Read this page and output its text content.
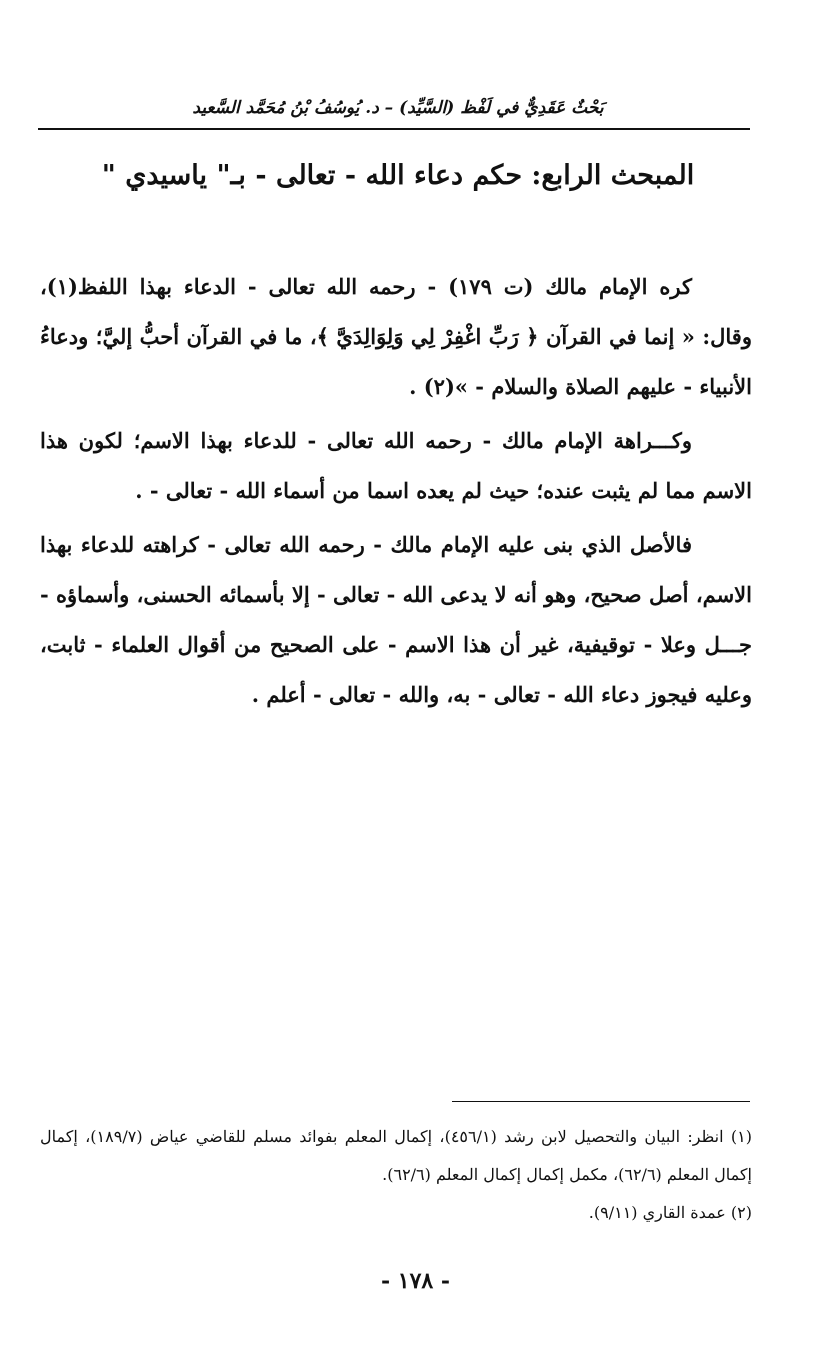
بَحْثٌ عَقَدِيٌّ في لَفْظ (السَّيِّد) – د. يُوسُفُ بْنُ مُحَمَّد السَّعيد
المبحث الرابع: حكم دعاء الله - تعالى - بـ" ياسيدي "

كره الإمام مالك (ت ١٧٩) - رحمه الله تعالى - الدعاء بهذا اللفظ(١)، وقال: « إنما في القرآن ﴿ رَبِّ اغْفِرْ لِي وَلِوَالِدَيَّ ﴾، ما في القرآن أحبُّ إليَّ؛ ودعاءُ الأنبياء - عليهم الصلاة والسلام - »(٢) .

وكـــراهة الإمام مالك - رحمه الله تعالى - للدعاء بهذا الاسم؛ لكون هذا الاسم مما لم يثبت عنده؛ حيث لم يعده اسما من أسماء الله - تعالى - .

فالأصل الذي بنى عليه الإمام مالك - رحمه الله تعالى - كراهته للدعاء بهذا الاسم، أصل صحيح، وهو أنه لا يدعى الله - تعالى - إلا بأسمائه الحسنى، وأسماؤه - جـــل وعلا - توقيفية، غير أن هذا الاسم - على الصحيح من أقوال العلماء - ثابت، وعليه فيجوز دعاء الله - تعالى - به، والله - تعالى - أعلم .

(١) انظر: البيان والتحصيل لابن رشد (٤٥٦/١)، إكمال المعلم بفوائد مسلم للقاضي عياض (١٨٩/٧)، إكمال إكمال المعلم (٦٢/٦)، مكمل إكمال إكمال المعلم (٦٢/٦).

(٢) عمدة القاري (٩/١١).

- ١٧٨ -
